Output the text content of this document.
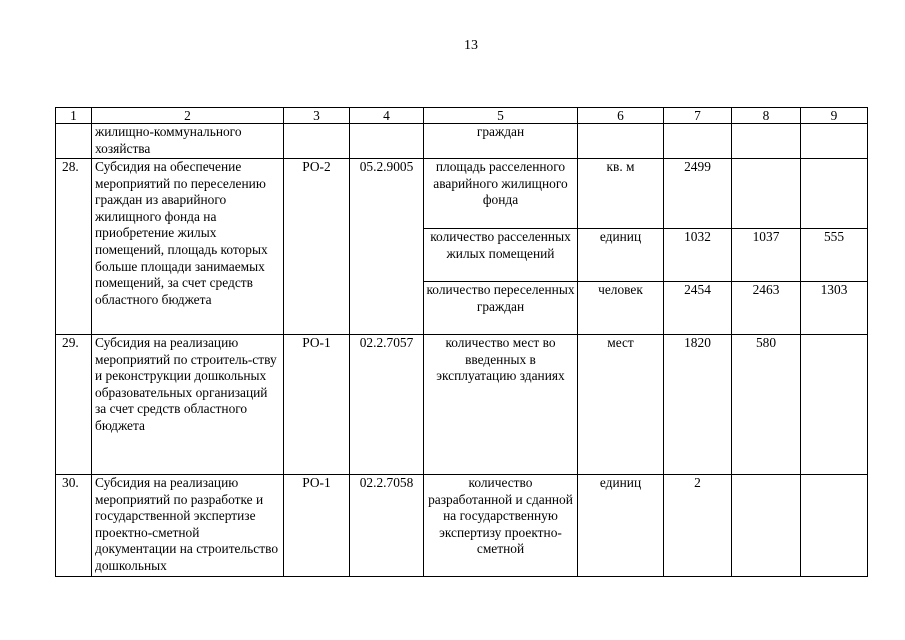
13
1	2	3	4	5	6	7	8	9
	жилищно-коммунального хозяйства			граждан				
28.	Субсидия на обеспечение мероприятий по переселению граждан из аварийного жилищного фонда на приобретение жилых помещений, площадь которых больше площади занимаемых помещений, за счет средств областного бюджета	РО-2	05.2.9005	площадь расселенного аварийного жилищного фонда	кв. м	2499		
				количество расселенных жилых помещений	единиц	1032	1037	555
				количество переселенных граждан	человек	2454	2463	1303
29.	Субсидия на реализацию мероприятий по строитель-ству и реконструкции дошкольных образовательных организаций за счет средств областного бюджета	РО-1	02.2.7057	количество мест во введенных в эксплуатацию зданиях	мест	1820	580	
30.	Субсидия на реализацию мероприятий по разработке и государственной экспертизе проектно-сметной документации на строительство дошкольных	РО-1	02.2.7058	количество разработанной и сданной на государственную экспертизу проектно-сметной	единиц	2		
